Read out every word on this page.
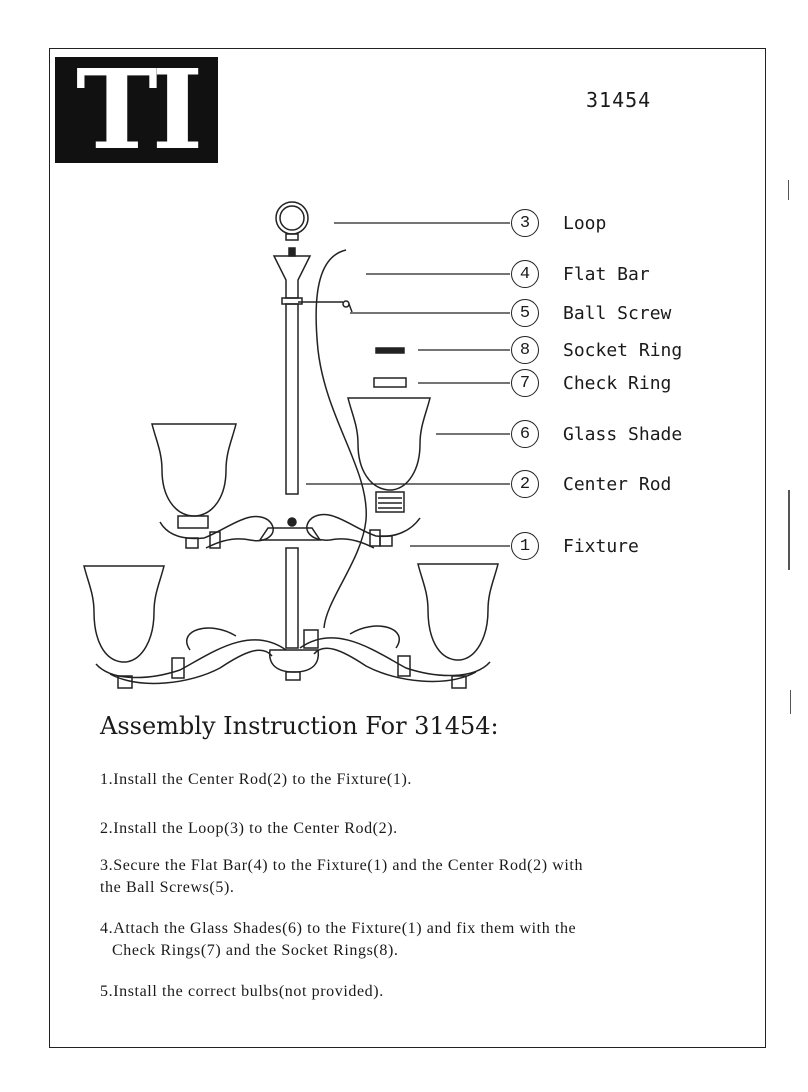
TI	31454
3	Loop
4	Flat Bar
5	Ball Screw
8	Socket Ring
7	Check Ring
6	Glass Shade
2	Center Rod
1	Fixture
Assembly Instruction For 31454:
1.Install the Center Rod(2) to the Fixture(1).
2.Install the Loop(3) to the Center Rod(2).
3.Secure the Flat Bar(4) to the Fixture(1) and the Center Rod(2) with
the Ball Screws(5).
4.Attach the Glass Shades(6) to the Fixture(1) and fix them with the
Check Rings(7) and the Socket Rings(8).
5.Install the correct bulbs(not provided).
